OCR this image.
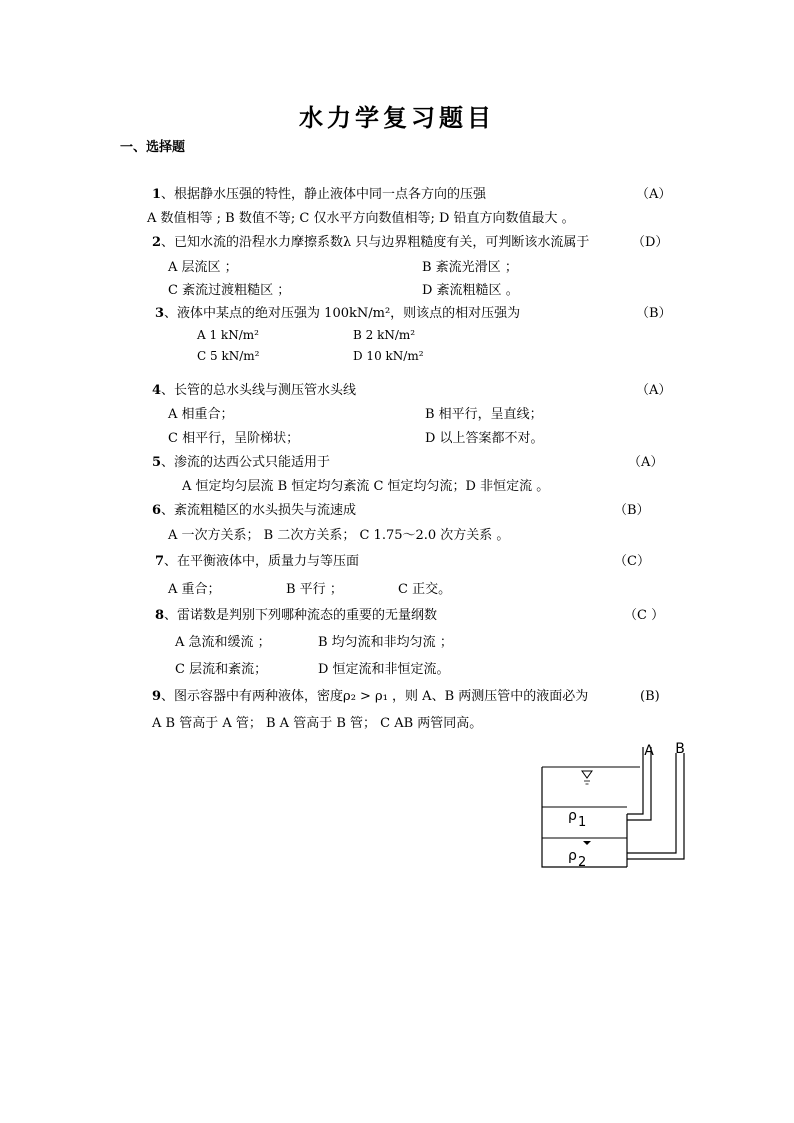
水力学复习题目
一、选择题
1、根据静水压强的特性，静止液体中同一点各方向的压强	（A）
A 数值相等 ; B 数值不等; C 仅水平方向数值相等; D 铅直方向数值最大 。
2、已知水流的沿程水力摩擦系数λ 只与边界粗糙度有关，可判断该水流属于	（D）
A 层流区 ；	B 紊流光滑区 ；
C 紊流过渡粗糙区 ；	D 紊流粗糙区 。
3、液体中某点的绝对压强为 100kN/m²，则该点的相对压强为	（B）
A 1 kN/m²	B 2 kN/m²
C 5 kN/m²	D 10 kN/m²
4、长管的总水头线与测压管水头线	（A）
A 相重合；	B 相平行，呈直线；
C 相平行，呈阶梯状；	D 以上答案都不对。
5、渗流的达西公式只能适用于	（A）
A 恒定均匀层流 B 恒定均匀紊流 C 恒定均匀流；D 非恒定流 。
6、紊流粗糙区的水头损失与流速成	（B）
A 一次方关系； B 二次方关系； C 1.75～2.0 次方关系 。
7、在平衡液体中，质量力与等压面	（C）
A 重合；	B 平行 ；	C 正交。
8、雷诺数是判别下列哪种流态的重要的无量纲数	（C ）
A 急流和缓流 ；	B 均匀流和非均匀流 ；
C 层流和紊流；	D 恒定流和非恒定流。
9、图示容器中有两种液体，密度ρ₂ > ρ₁ ，则 A、B 两测压管中的液面必为	(B)
A B 管高于 A 管； B A 管高于 B 管； C AB 两管同高。
A B
ρ 1
ρ 2
